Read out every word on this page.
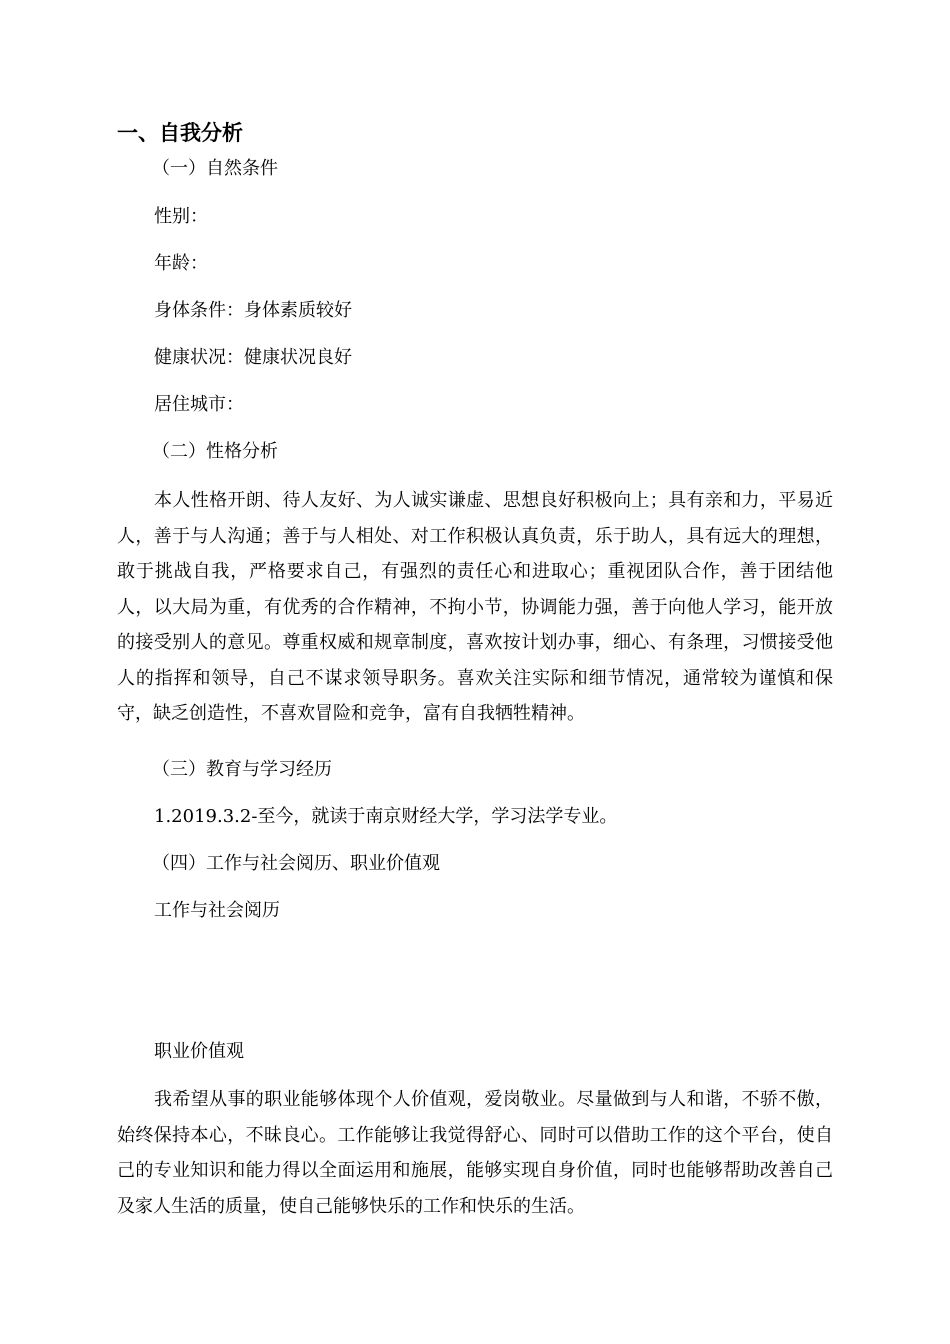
一、自我分析
（一）自然条件
性别：
年龄：
身体条件：身体素质较好
健康状况：健康状况良好
居住城市：
（二）性格分析
本人性格开朗、待人友好、为人诚实谦虚、思想良好积极向上；具有亲和力，平易近人，善于与人沟通；善于与人相处、对工作积极认真负责，乐于助人，具有远大的理想，敢于挑战自我，严格要求自己，有强烈的责任心和进取心；重视团队合作，善于团结他人，以大局为重，有优秀的合作精神，不拘小节，协调能力强，善于向他人学习，能开放的接受别人的意见。尊重权威和规章制度，喜欢按计划办事，细心、有条理，习惯接受他人的指挥和领导，自己不谋求领导职务。喜欢关注实际和细节情况，通常较为谨慎和保守，缺乏创造性，不喜欢冒险和竞争，富有自我牺牲精神。
（三）教育与学习经历
1.2019.3.2-至今，就读于南京财经大学，学习法学专业。
（四）工作与社会阅历、职业价值观
工作与社会阅历
职业价值观
我希望从事的职业能够体现个人价值观，爱岗敬业。尽量做到与人和谐，不骄不傲，始终保持本心，不昧良心。工作能够让我觉得舒心、同时可以借助工作的这个平台，使自己的专业知识和能力得以全面运用和施展，能够实现自身价值，同时也能够帮助改善自己及家人生活的质量，使自己能够快乐的工作和快乐的生活。
